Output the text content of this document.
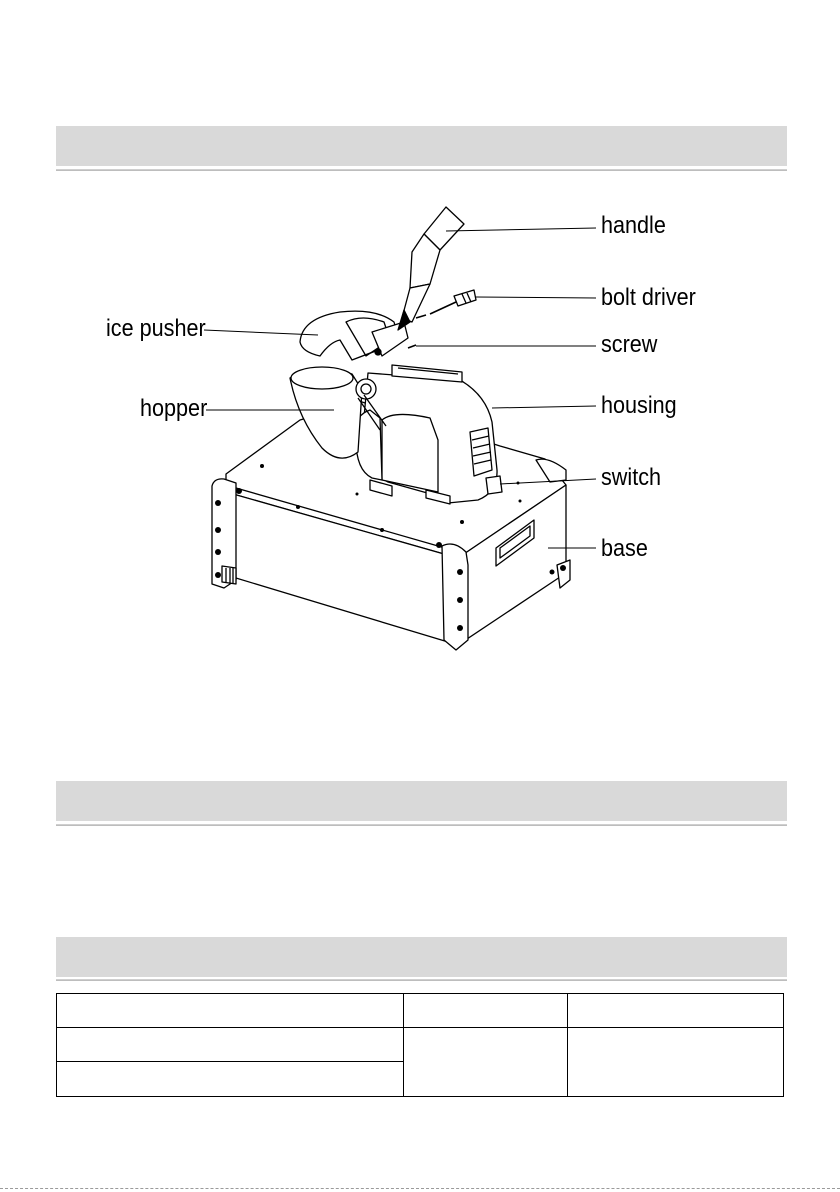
handle
bolt driver
ice pusher
screw
hopper	housing
switch
base
